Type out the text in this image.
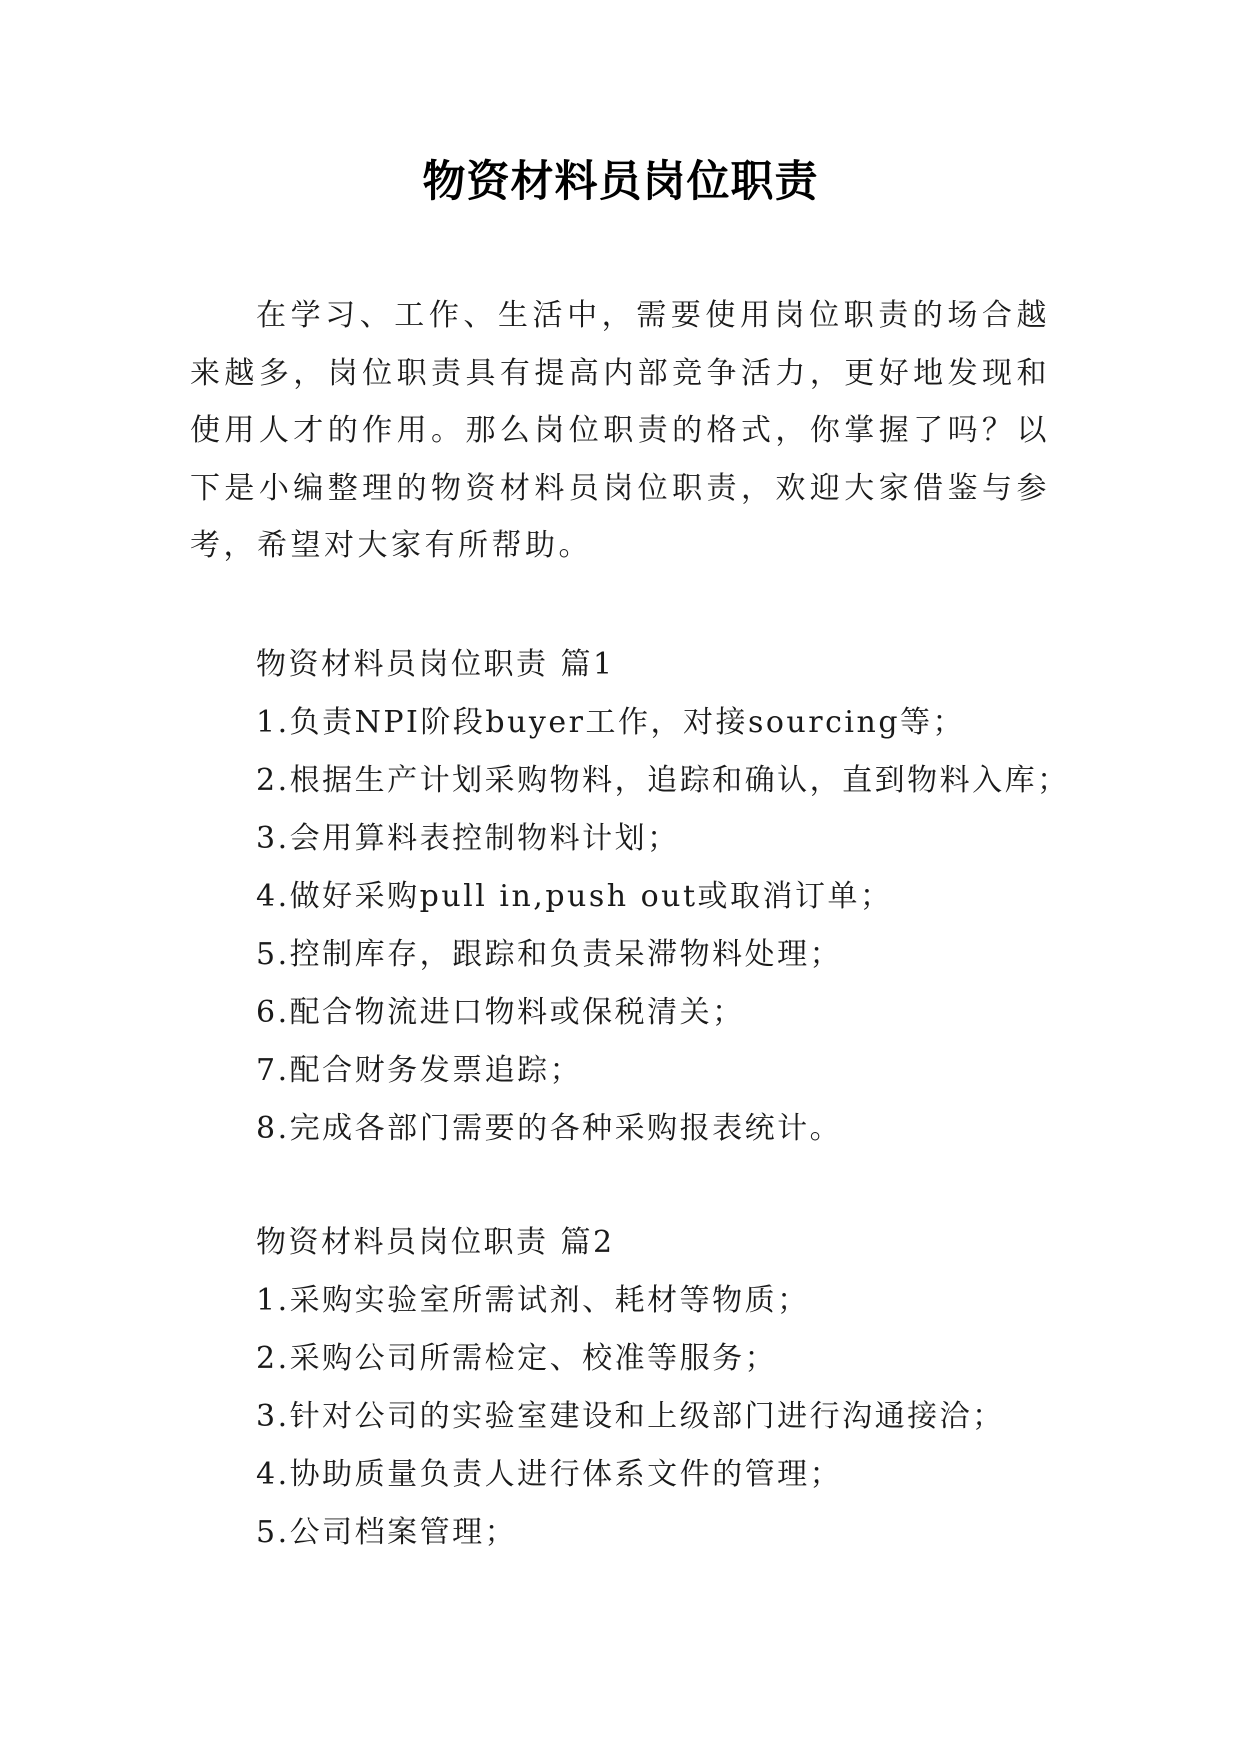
物资材料员岗位职责

在学习、工作、生活中，需要使用岗位职责的场合越来越多，岗位职责具有提高内部竞争活力，更好地发现和使用人才的作用。那么岗位职责的格式，你掌握了吗？以下是小编整理的物资材料员岗位职责，欢迎大家借鉴与参考，希望对大家有所帮助。

物资材料员岗位职责 篇1
1.负责NPI阶段buyer工作，对接sourcing等；
2.根据生产计划采购物料，追踪和确认，直到物料入库；
3.会用算料表控制物料计划；
4.做好采购pull in,push out或取消订单；
5.控制库存，跟踪和负责呆滞物料处理；
6.配合物流进口物料或保税清关；
7.配合财务发票追踪；
8.完成各部门需要的各种采购报表统计。
物资材料员岗位职责 篇2
1.采购实验室所需试剂、耗材等物质；
2.采购公司所需检定、校准等服务；
3.针对公司的实验室建设和上级部门进行沟通接洽；
4.协助质量负责人进行体系文件的管理；
5.公司档案管理；
